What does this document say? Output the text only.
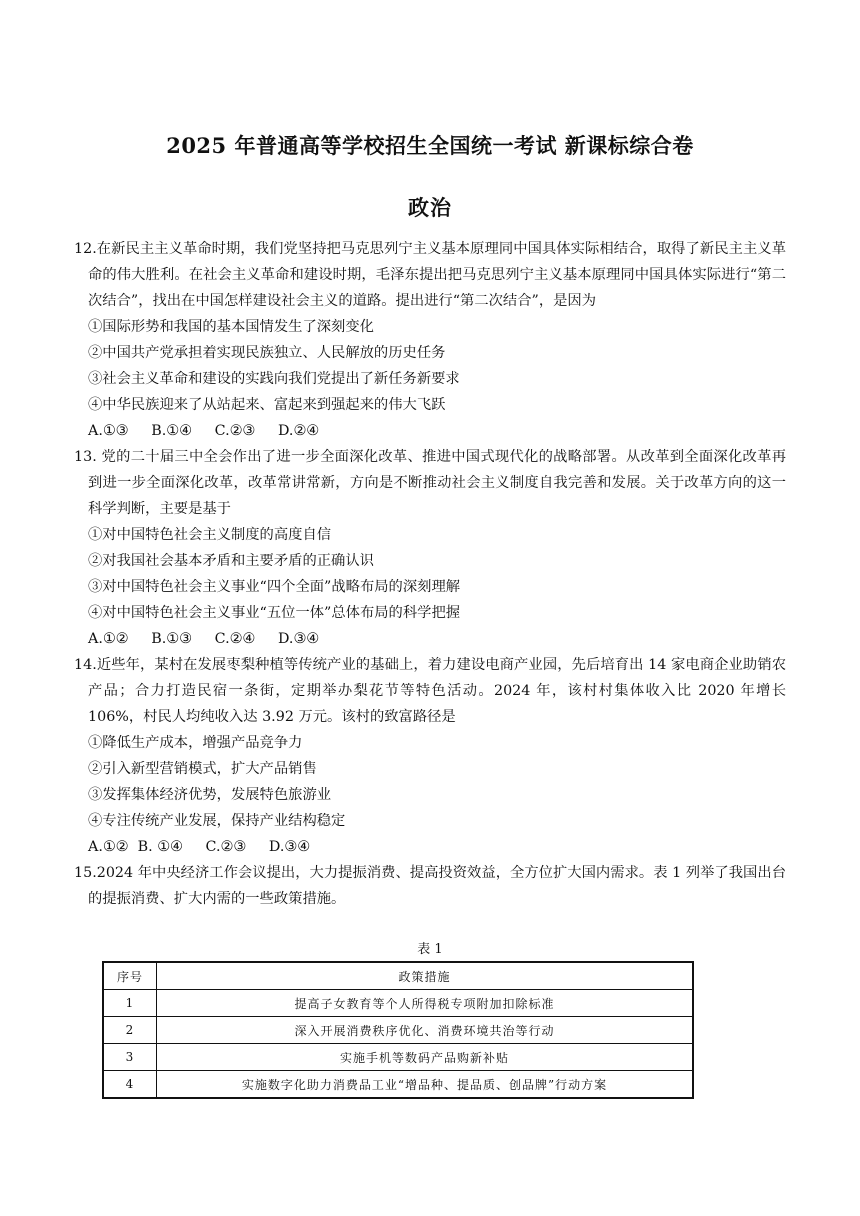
2025 年普通高等学校招生全国统一考试 新课标综合卷
政治

12.在新民主主义革命时期，我们党坚持把马克思列宁主义基本原理同中国具体实际相结合，取得了新民主主义革命的伟大胜利。在社会主义革命和建设时期，毛泽东提出把马克思列宁主义基本原理同中国具体实际进行“第二次结合”，找出在中国怎样建设社会主义的道路。提出进行“第二次结合”，是因为

①国际形势和我国的基本国情发生了深刻变化

②中国共产党承担着实现民族独立、人民解放的历史任务

③社会主义革命和建设的实践向我们党提出了新任务新要求

④中华民族迎来了从站起来、富起来到强起来的伟大飞跃

A.①③     B.①④     C.②③     D.②④

13. 党的二十届三中全会作出了进一步全面深化改革、推进中国式现代化的战略部署。从改革到全面深化改革再到进一步全面深化改革，改革常讲常新，方向是不断推动社会主义制度自我完善和发展。关于改革方向的这一科学判断，主要是基于

①对中国特色社会主义制度的高度自信

②对我国社会基本矛盾和主要矛盾的正确认识

③对中国特色社会主义事业“四个全面”战略布局的深刻理解

④对中国特色社会主义事业“五位一体”总体布局的科学把握

A.①②     B.①③     C.②④     D.③④

14.近些年，某村在发展枣梨种植等传统产业的基础上，着力建设电商产业园，先后培育出 14 家电商企业助销农产品；合力打造民宿一条街，定期举办梨花节等特色活动。2024 年，该村村集体收入比 2020 年增长 106%，村民人均纯收入达 3.92 万元。该村的致富路径是

①降低生产成本，增强产品竞争力

②引入新型营销模式，扩大产品销售

③发挥集体经济优势，发展特色旅游业

④专注传统产业发展，保持产业结构稳定

A.①②  B. ①④     C.②③     D.③④

15.2024 年中央经济工作会议提出，大力提振消费、提高投资效益，全方位扩大国内需求。表 1 列举了我国出台的提振消费、扩大内需的一些政策措施。

表 1
序号	政策措施
1	提高子女教育等个人所得税专项附加扣除标准
2	深入开展消费秩序优化、消费环境共治等行动
3	实施手机等数码产品购新补贴
4	实施数字化助力消费品工业“增品种、提品质、创品牌”行动方案
